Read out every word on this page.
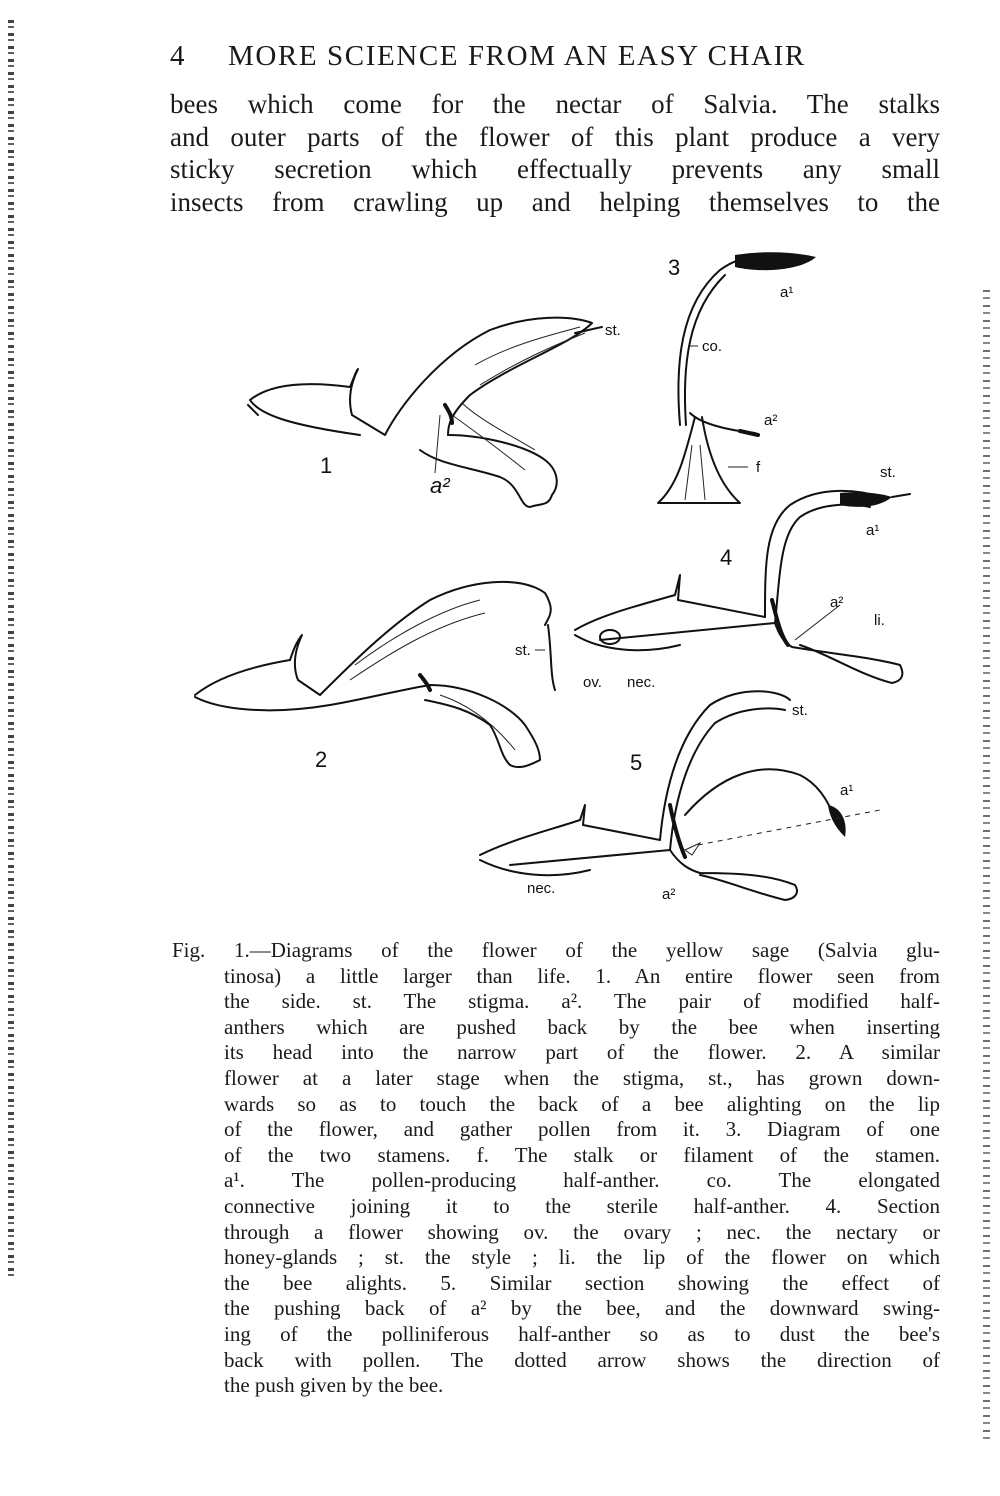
4 MORE SCIENCE FROM AN EASY CHAIR
bees which come for the nectar of Salvia. The stalks
and outer parts of the flower of this plant produce a very
sticky secretion which effectually prevents any small
insects from crawling up and helping themselves to the
st.
1
a²
3
a¹
co.
a²
f
st.
2
4
st.
a¹
a²
li.
ov. nec.
5
st.
a¹
nec.	a²
Fig. 1.—Diagrams of the flower of the yellow sage (Salvia glu-
tinosa) a little larger than life. 1. An entire flower seen from
the side. st. The stigma. a². The pair of modified half-
anthers which are pushed back by the bee when inserting
its head into the narrow part of the flower. 2. A similar
flower at a later stage when the stigma, st., has grown down-
wards so as to touch the back of a bee alighting on the lip
of the flower, and gather pollen from it. 3. Diagram of one
of the two stamens. f. The stalk or filament of the stamen.
a¹. The pollen-producing half-anther. co. The elongated
connective joining it to the sterile half-anther. 4. Section
through a flower showing ov. the ovary ; nec. the nectary or
honey-glands ; st. the style ; li. the lip of the flower on which
the bee alights. 5. Similar section showing the effect of
the pushing back of a² by the bee, and the downward swing-
ing of the polliniferous half-anther so as to dust the bee's
back with pollen. The dotted arrow shows the direction of
the push given by the bee.
